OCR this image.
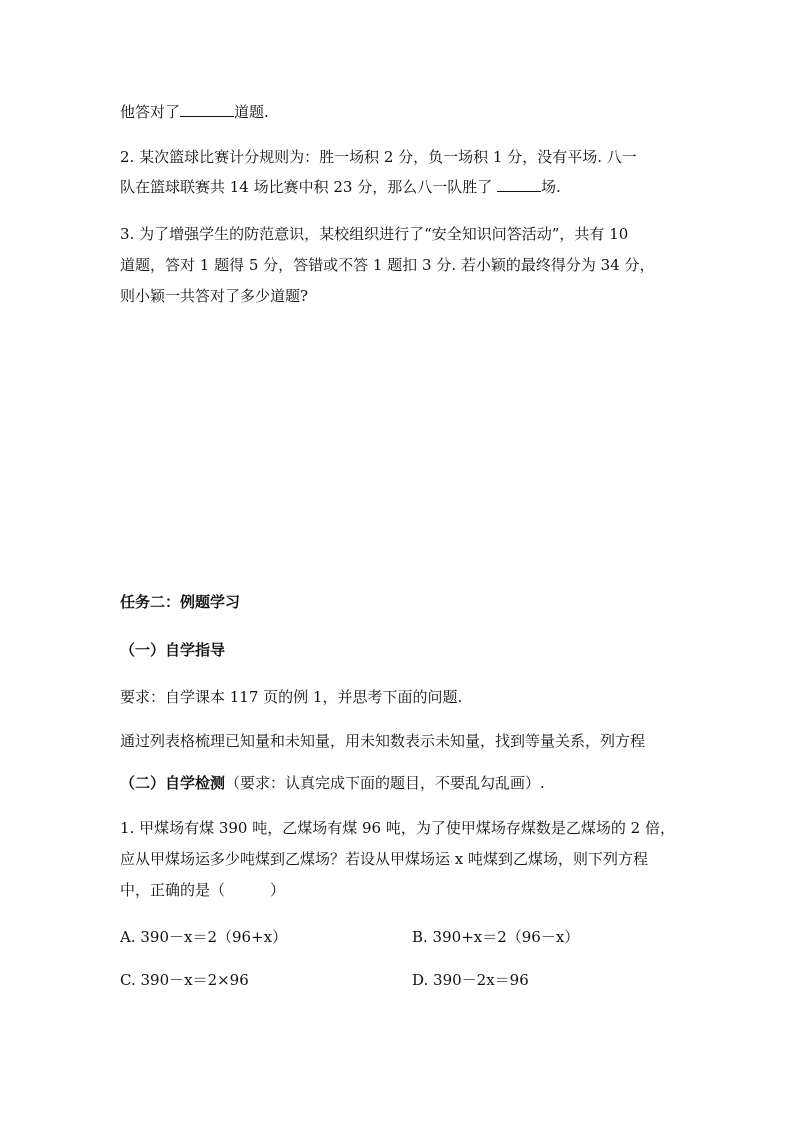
他答对了	道题.
2. 某次篮球比赛计分规则为：胜一场积 2 分，负一场积 1 分，没有平场. 八一
队在篮球联赛共 14 场比赛中积 23 分，那么八一队胜了	场.
3. 为了增强学生的防范意识，某校组织进行了“安全知识问答活动”，共有 10
道题，答对 1 题得 5 分，答错或不答 1 题扣 3 分. 若小颖的最终得分为 34 分，
则小颖一共答对了多少道题?
任务二：例题学习
（一）自学指导
要求：自学课本 117 页的例 1，并思考下面的问题.
通过列表格梳理已知量和未知量，用未知数表示未知量，找到等量关系，列方程
（二）自学检测（要求：认真完成下面的题目，不要乱勾乱画）.
1. 甲煤场有煤 390 吨，乙煤场有煤 96 吨，为了使甲煤场存煤数是乙煤场的 2 倍，
应从甲煤场运多少吨煤到乙煤场？若设从甲煤场运 x 吨煤到乙煤场，则下列方程
中，正确的是（　　　）
A. 390－x＝2（96+x）	B. 390+x＝2（96－x）
C. 390－x＝2×96	D. 390－2x＝96
